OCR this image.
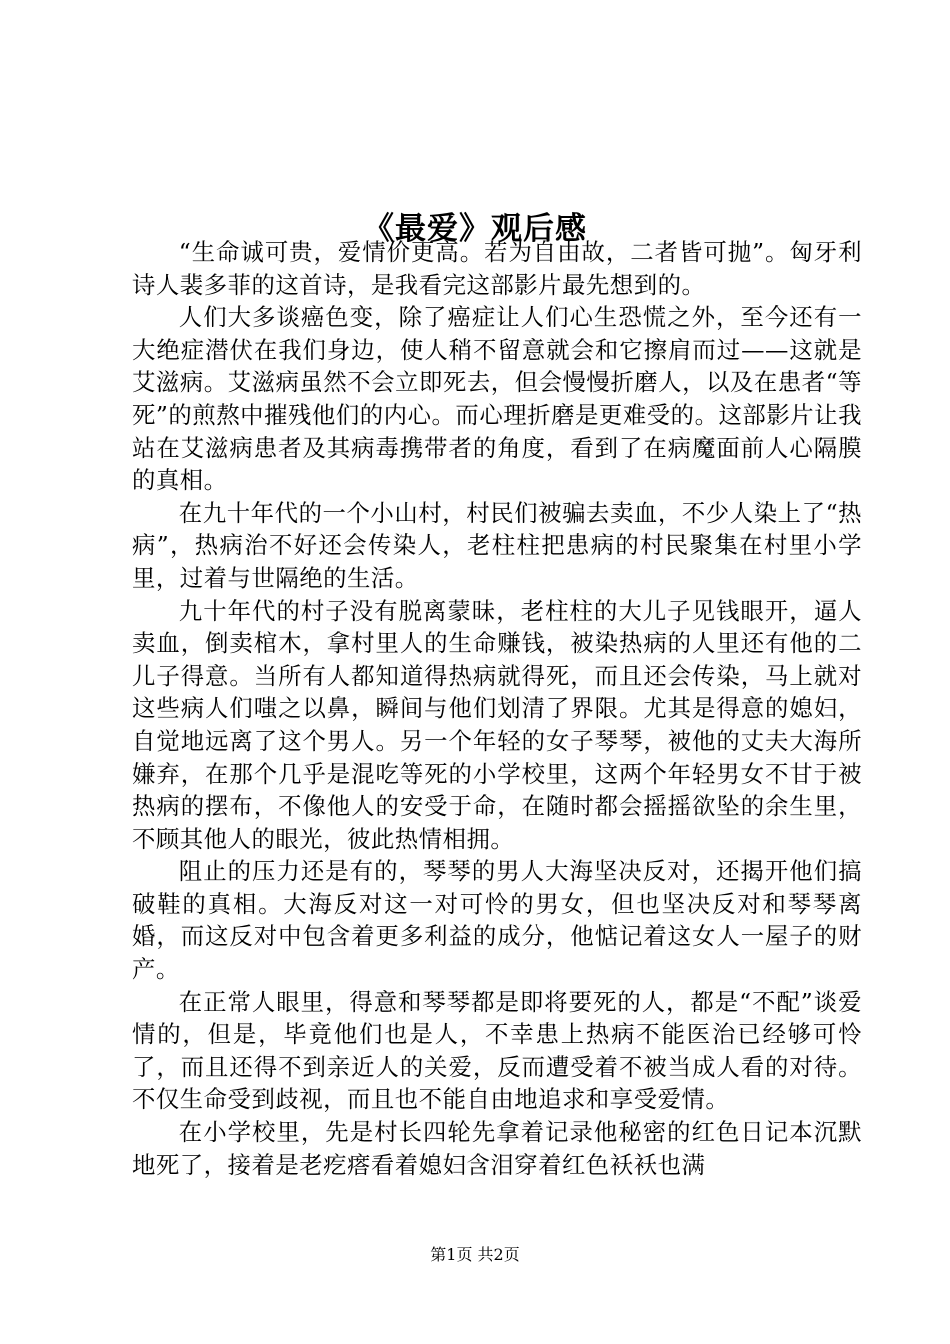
《最爱》观后感

“生命诚可贵，爱情价更高。若为自由故，二者皆可抛”。匈牙利诗人裴多菲的这首诗，是我看完这部影片最先想到的。

人们大多谈癌色变，除了癌症让人们心生恐慌之外，至今还有一大绝症潜伏在我们身边，使人稍不留意就会和它擦肩而过——这就是艾滋病。艾滋病虽然不会立即死去，但会慢慢折磨人，以及在患者“等死”的煎熬中摧残他们的内心。而心理折磨是更难受的。这部影片让我站在艾滋病患者及其病毒携带者的角度，看到了在病魔面前人心隔膜的真相。

在九十年代的一个小山村，村民们被骗去卖血，不少人染上了“热病”，热病治不好还会传染人，老柱柱把患病的村民聚集在村里小学里，过着与世隔绝的生活。

九十年代的村子没有脱离蒙昧，老柱柱的大儿子见钱眼开，逼人卖血，倒卖棺木，拿村里人的生命赚钱，被染热病的人里还有他的二儿子得意。当所有人都知道得热病就得死，而且还会传染，马上就对这些病人们嗤之以鼻，瞬间与他们划清了界限。尤其是得意的媳妇，自觉地远离了这个男人。另一个年轻的女子琴琴，被他的丈夫大海所嫌弃，在那个几乎是混吃等死的小学校里，这两个年轻男女不甘于被热病的摆布，不像他人的安受于命，在随时都会摇摇欲坠的余生里，不顾其他人的眼光，彼此热情相拥。

阻止的压力还是有的，琴琴的男人大海坚决反对，还揭开他们搞破鞋的真相。大海反对这一对可怜的男女，但也坚决反对和琴琴离婚，而这反对中包含着更多利益的成分，他惦记着这女人一屋子的财产。

在正常人眼里，得意和琴琴都是即将要死的人，都是“不配”谈爱情的，但是，毕竟他们也是人，不幸患上热病不能医治已经够可怜了，而且还得不到亲近人的关爱，反而遭受着不被当成人看的对待。不仅生命受到歧视，而且也不能自由地追求和享受爱情。

在小学校里，先是村长四轮先拿着记录他秘密的红色日记本沉默地死了，接着是老疙瘩看着媳妇含泪穿着红色袄袄也满

第1页 共2页
